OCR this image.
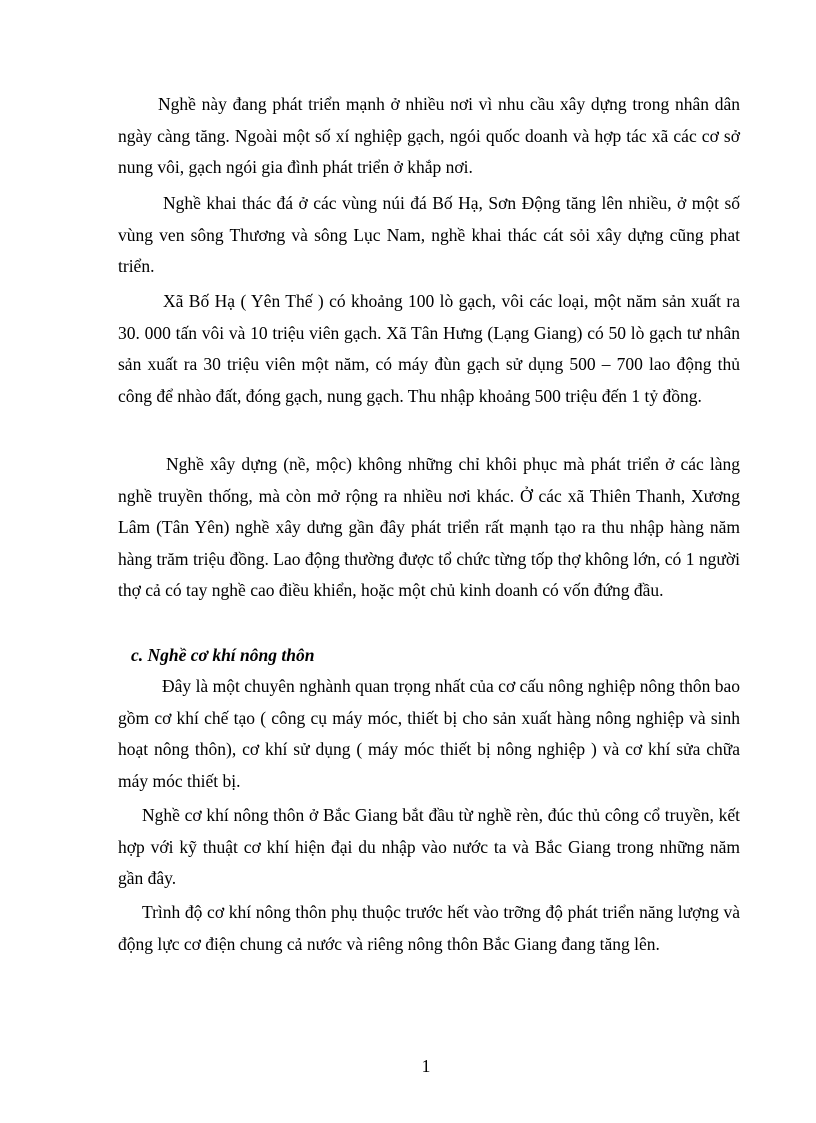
Nghề này đang phát triển mạnh ở nhiều nơi vì nhu cầu xây dựng trong nhân dân ngày càng tăng. Ngoài một số xí nghiệp gạch, ngói quốc doanh và hợp tác xã các cơ sở nung vôi, gạch ngói gia đình phát triển ở khắp nơi.

Nghề khai thác đá ở các vùng núi đá Bố Hạ, Sơn Động tăng lên nhiều, ở một số vùng ven sông Thương và sông Lục Nam, nghề khai thác cát sỏi xây dựng cũng phat triển.

Xã Bố Hạ ( Yên Thế ) có khoảng 100 lò gạch, vôi các loại, một năm sản xuất ra 30. 000 tấn vôi và 10 triệu viên gạch. Xã Tân Hưng (Lạng Giang) có 50 lò gạch tư nhân sản xuất ra 30 triệu viên một năm, có máy đùn gạch sử dụng 500 – 700 lao động thủ công để nhào đất, đóng gạch, nung gạch. Thu nhập khoảng 500 triệu đến 1 tỷ đồng.

Nghề xây dựng (nề, mộc) không những chỉ khôi phục mà phát triển ở các làng nghề truyền thống, mà còn mở rộng ra nhiều nơi khác. Ở các xã Thiên Thanh, Xương Lâm (Tân Yên) nghề xây dưng gần đây phát triển rất mạnh tạo ra thu nhập hàng năm hàng trăm triệu đồng. Lao động thường được tổ chức từng tốp thợ không lớn, có 1 người thợ cả có tay nghề cao điều khiển, hoặc một chủ kinh doanh có vốn đứng đầu.

c. Nghề cơ khí nông thôn

Đây là một chuyên nghành quan trọng nhất của cơ cấu nông nghiệp nông thôn bao gồm cơ khí chế tạo ( công cụ máy móc, thiết bị cho sản xuất hàng nông nghiệp và sinh hoạt nông thôn), cơ khí sử dụng ( máy móc thiết bị nông nghiệp ) và cơ khí sửa chữa máy móc thiết bị.

Nghề cơ khí nông thôn ở Bắc Giang bắt đầu từ nghề rèn, đúc thủ công cổ truyền, kết hợp với kỹ thuật cơ khí hiện đại du nhập vào nước ta và Bắc Giang trong những năm gần đây.

Trình độ cơ khí nông thôn phụ thuộc trước hết vào trỡng độ phát triển năng lượng và động lực cơ điện chung cả nước và riêng nông thôn Bắc Giang đang tăng lên.

1
